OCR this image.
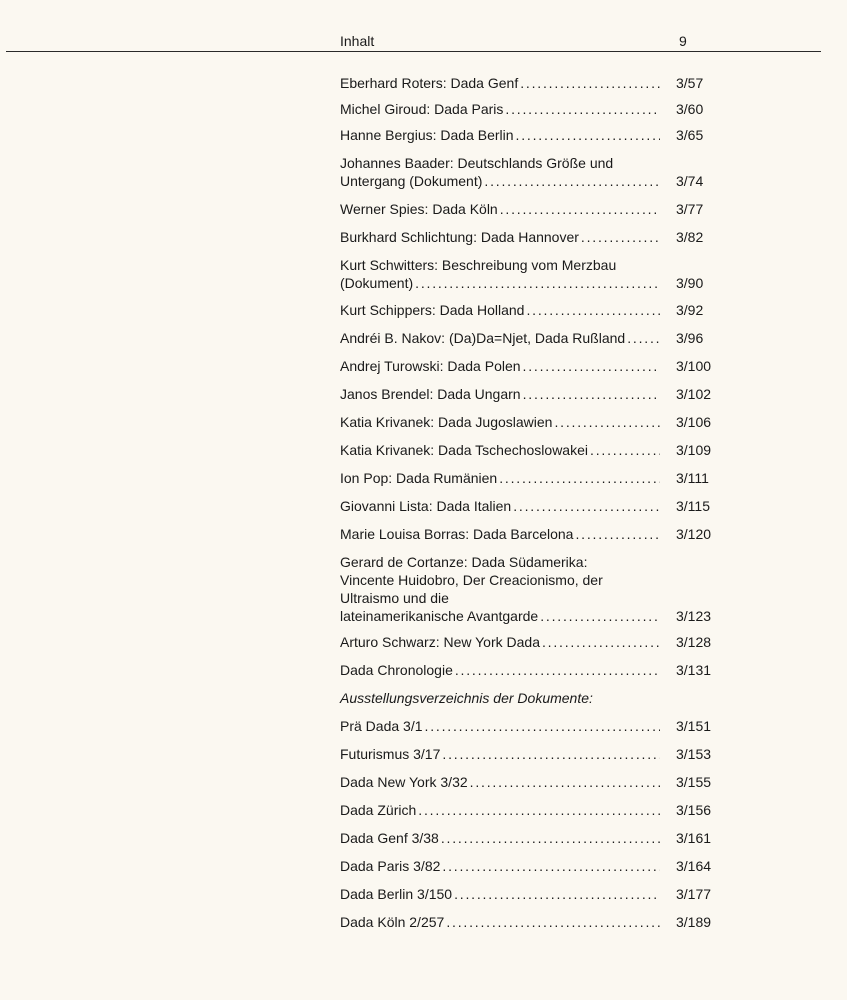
Inhalt	9
Eberhard Roters: Dada Genf .....	3/57
Michel Giroud: Dada Paris .....	3/60
Hanne Bergius: Dada Berlin .....	3/65
Johannes Baader: Deutschlands Größe und
Untergang (Dokument) .....	3/74
Werner Spies: Dada Köln .....	3/77
Burkhard Schlichtung: Dada Hannover .....	3/82
Kurt Schwitters: Beschreibung vom Merzbau
(Dokument) .....	3/90
Kurt Schippers: Dada Holland .....	3/92
Andréi B. Nakov: (Da)Da=Njet, Dada Rußland .....	3/96
Andrej Turowski: Dada Polen .....	3/100
Janos Brendel: Dada Ungarn .....	3/102
Katia Krivanek: Dada Jugoslawien .....	3/106
Katia Krivanek: Dada Tschechoslowakei .....	3/109
Ion Pop: Dada Rumänien .....	3/111
Giovanni Lista: Dada Italien .....	3/115
Marie Louisa Borras: Dada Barcelona .....	3/120
Gerard de Cortanze: Dada Südamerika:
Vincente Huidobro, Der Creacionismo, der
Ultraismo und die
lateinamerikanische Avantgarde .....	3/123
Arturo Schwarz: New York Dada .....	3/128
Dada Chronologie .....	3/131
Ausstellungsverzeichnis der Dokumente:
Prä Dada 3/1 .....	3/151
Futurismus 3/17 .....	3/153
Dada New York 3/32 .....	3/155
Dada Zürich .....	3/156
Dada Genf 3/38 .....	3/161
Dada Paris 3/82 .....	3/164
Dada Berlin 3/150 .....	3/177
Dada Köln 2/257 .....	3/189
